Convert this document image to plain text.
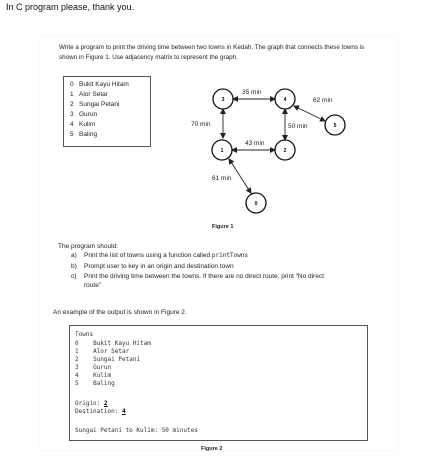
In C program please, thank you.
Write a program to print the driving time between two towns in Kedah. The graph that connects these towns is shown in Figure 1. Use adjacency matrix to represent the graph.
0 Bukit Kayu Hitam
1 Alor Setar
2 Sungai Petani
3 Gurun
4 Kulim
5 Baling
35 min
62 min
70 min
43 min
50 min
61 min
3	4
5
1	2
0
Figure 1
The program should:
a) Print the list of towns using a function called printTowns
b) Prompt user to key in an origin and destination town
c) Print the driving time between the towns. If there are no direct route, print “No direct
route”
An example of the output is shown in Figure 2.
Towns
0 Bukit Kayu Hitam
1 Alor Setar
2 Sungai Petani
3 Gurun
4 Kulim
5 Baling
Origin: 2
Destination: 4
Sungai Petani to Kulim: 50 minutes
Figure 2
